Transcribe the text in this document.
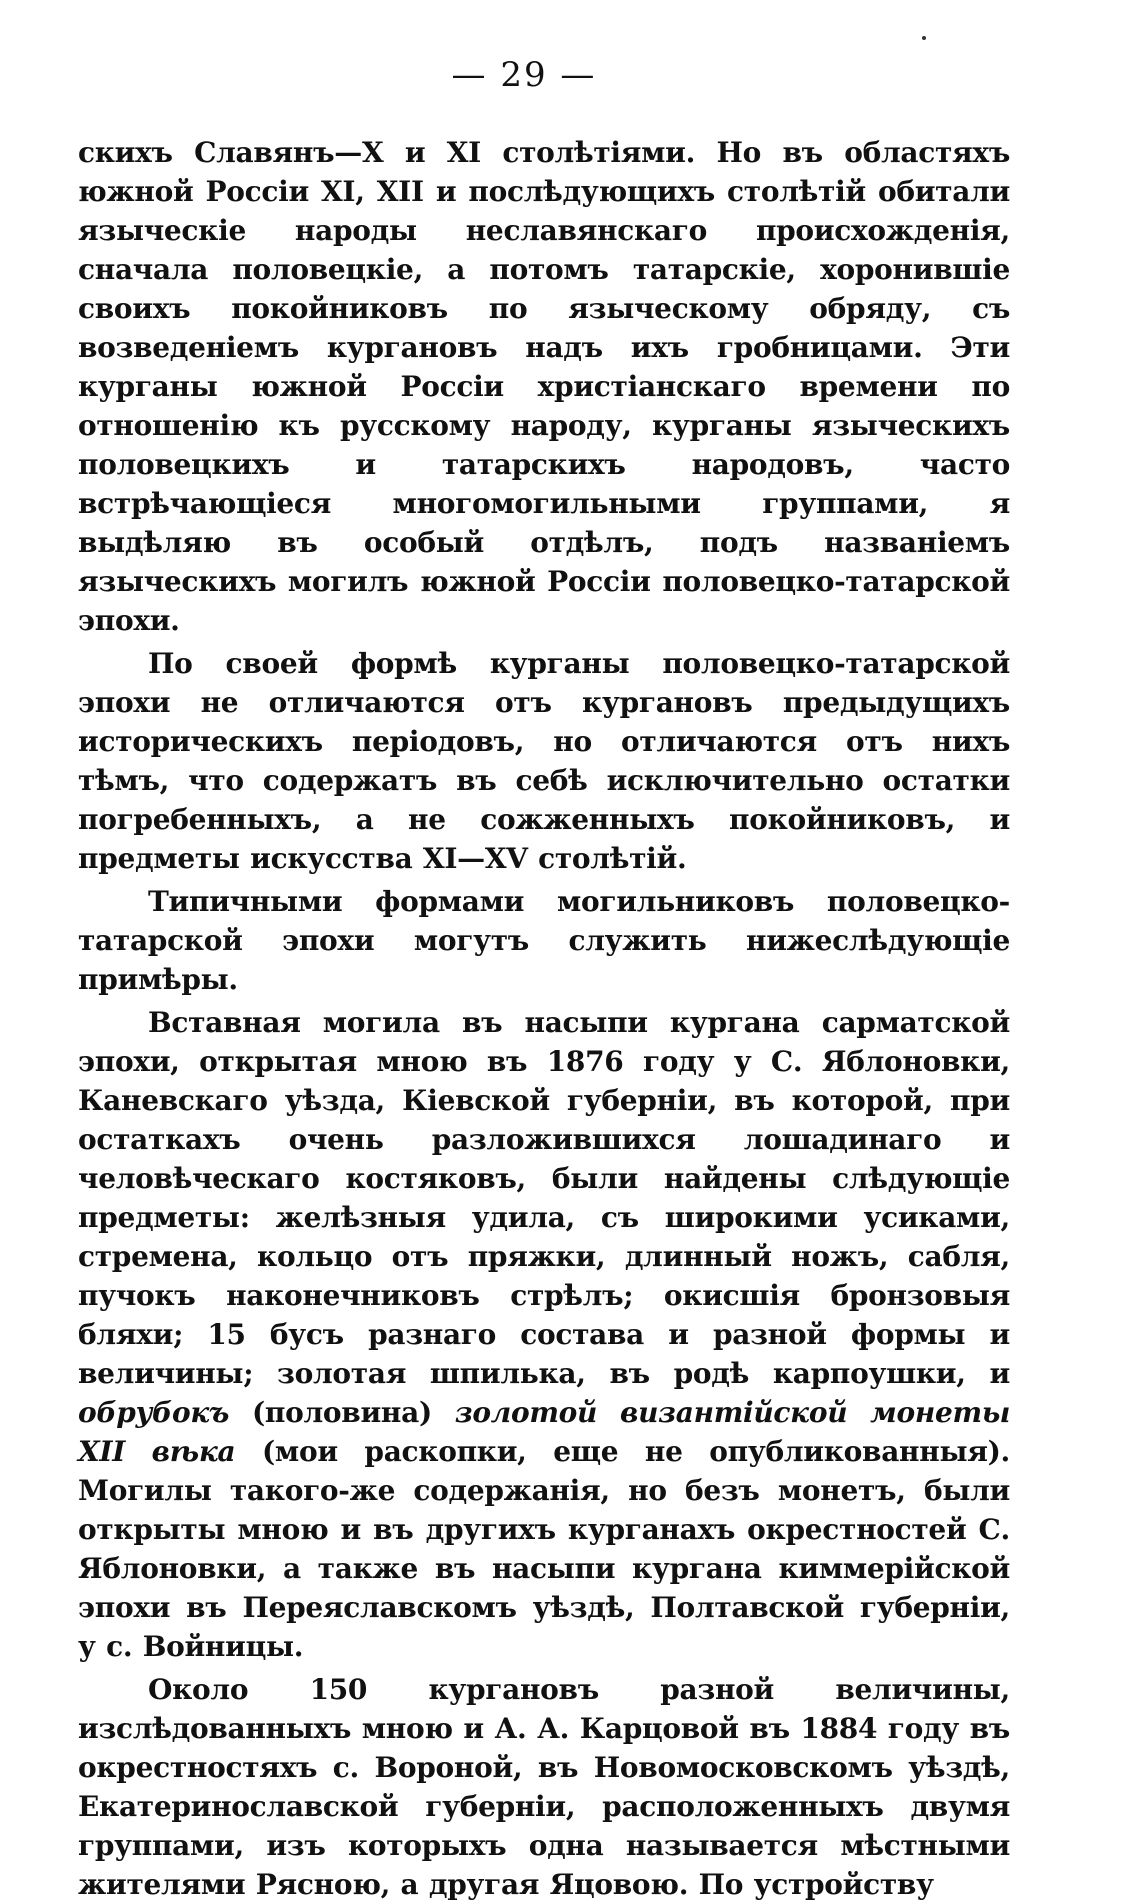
— 29 —

скихъ Славянъ—X и XI столѣтіями. Но въ областяхъ южной Россіи XI, XII и послѣдующихъ столѣтій обитали языческіе народы неславянскаго происхожденія, сначала половецкіе, а потомъ татарскіе, хоронившіе своихъ покойниковъ по языческому обряду, съ возведеніемъ кургановъ надъ ихъ гробницами. Эти курганы южной Россіи христіанскаго времени по отношенію къ русскому народу, курганы языческихъ половецкихъ и татарскихъ народовъ, часто встрѣчающіеся многомогильными группами, я выдѣляю въ особый отдѣлъ, подъ названіемъ языческихъ могилъ южной Россіи половецко-татарской эпохи.

По своей формѣ курганы половецко-татарской эпохи не отличаются отъ кургановъ предыдущихъ историческихъ періодовъ, но отличаются отъ нихъ тѣмъ, что содержатъ въ себѣ исключительно остатки погребенныхъ, а не сожженныхъ покойниковъ, и предметы искусства XI—XV столѣтій.

Типичными формами могильниковъ половецко-татарской эпохи могутъ служить нижеслѣдующіе примѣры.

Вставная могила въ насыпи кургана сарматской эпохи, открытая мною въ 1876 году у С. Яблоновки, Каневскаго уѣзда, Кіевской губерніи, въ которой, при остаткахъ очень разложившихся лошадинаго и человѣческаго костяковъ, были найдены слѣдующіе предметы: желѣзныя удила, съ широкими усиками, стремена, кольцо отъ пряжки, длинный ножъ, сабля, пучокъ наконечниковъ стрѣлъ; окисшія бронзовыя бляхи; 15 бусъ разнаго состава и разной формы и величины; золотая шпилька, въ родѣ карпоушки, и обрубокъ (половина) золотой византійской монеты XII вѣка (мои раскопки, еще не опубликованныя). Могилы такого-же содержанія, но безъ монетъ, были открыты мною и въ другихъ курганахъ окрестностей С. Яблоновки, а также въ насыпи кургана киммерійской эпохи въ Переяславскомъ уѣздѣ, Полтавской губерніи, у с. Войницы.

Около 150 кургановъ разной величины, изслѣдованныхъ мною и А. А. Карцовой въ 1884 году въ окрестностяхъ с. Вороной, въ Новомосковскомъ уѣздѣ, Екатеринославской губерніи, расположенныхъ двумя группами, изъ которыхъ одна называется мѣстными жителями Рясною, а другая Яцовою. По устройству
